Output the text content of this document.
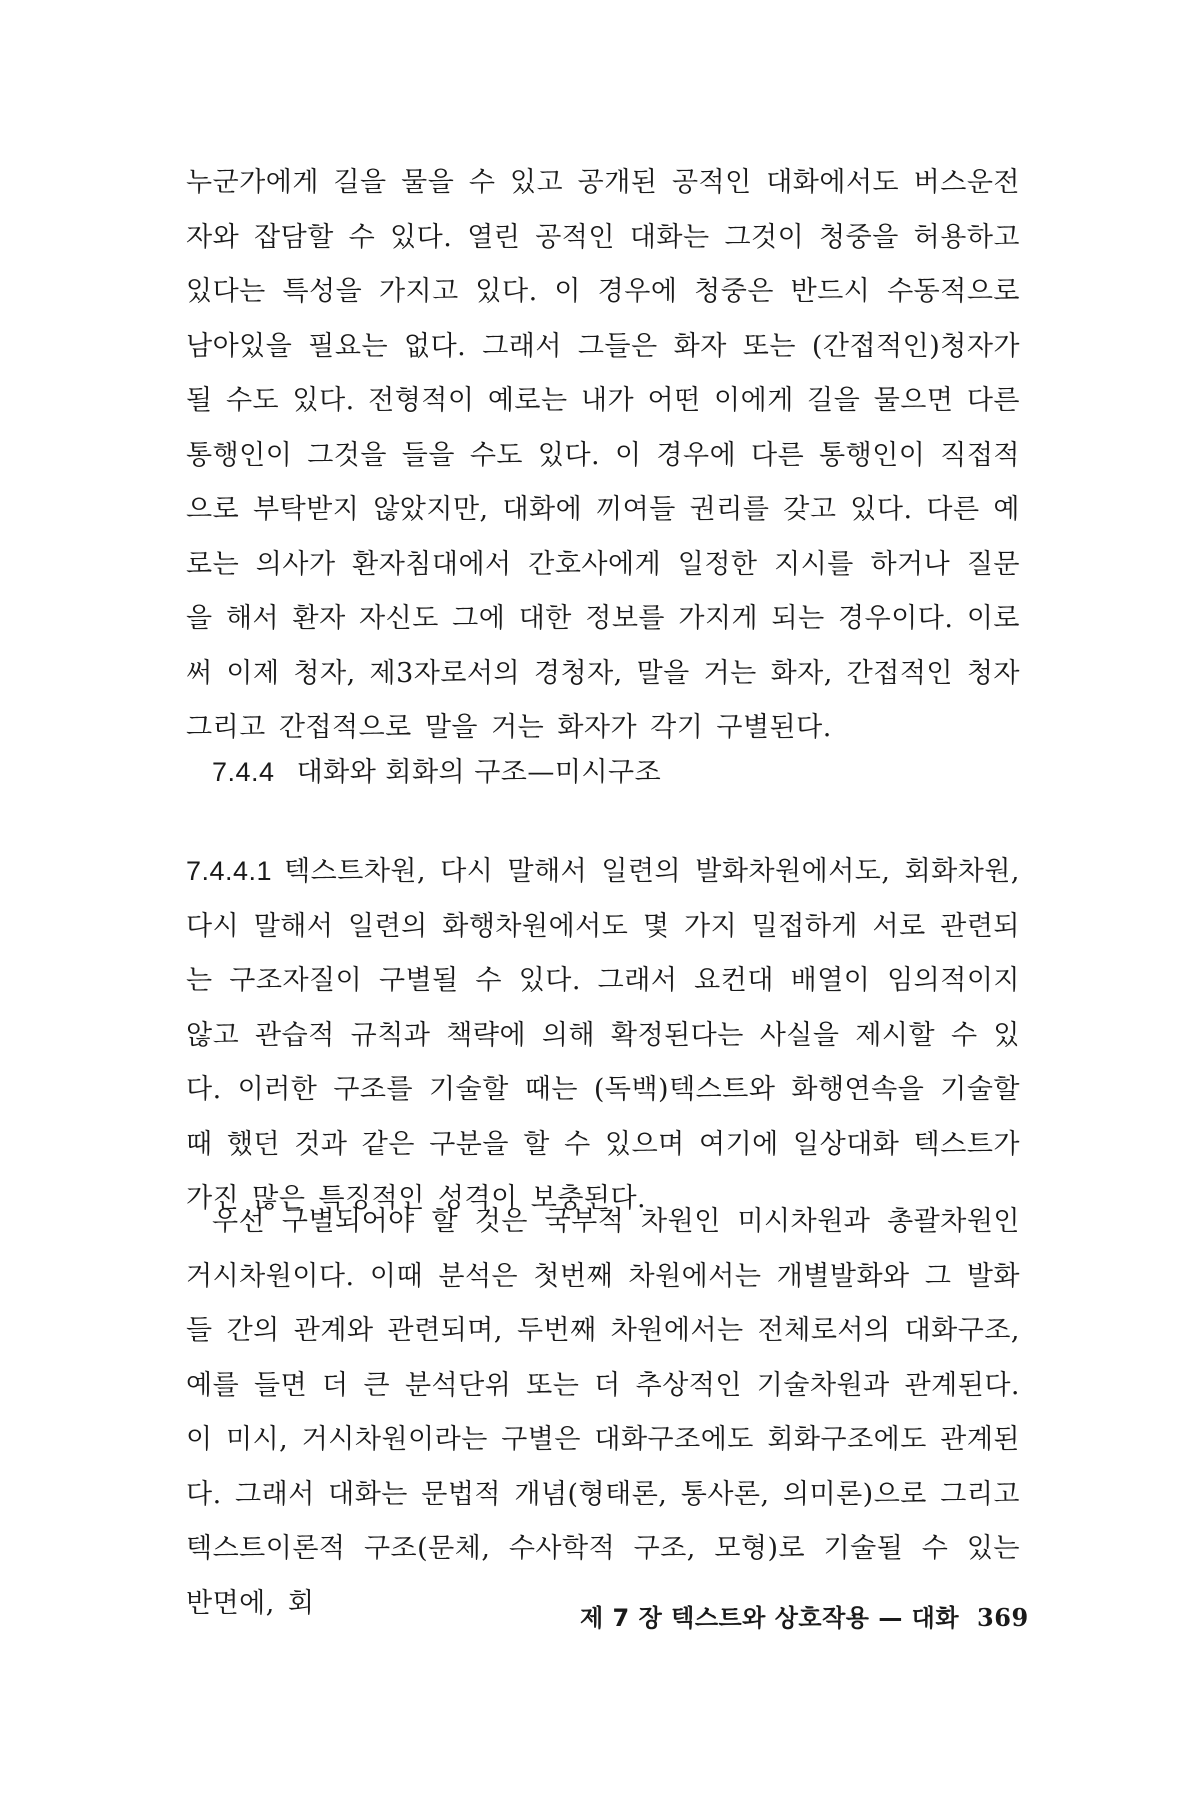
누군가에게 길을 물을 수 있고 공개된 공적인 대화에서도 버스운전자와 잡담할 수 있다. 열린 공적인 대화는 그것이 청중을 허용하고 있다는 특성을 가지고 있다. 이 경우에 청중은 반드시 수동적으로 남아있을 필요는 없다. 그래서 그들은 화자 또는 (간접적인)청자가 될 수도 있다. 전형적이 예로는 내가 어떤 이에게 길을 물으면 다른 통행인이 그것을 들을 수도 있다. 이 경우에 다른 통행인이 직접적으로 부탁받지 않았지만, 대화에 끼여들 권리를 갖고 있다. 다른 예로는 의사가 환자침대에서 간호사에게 일정한 지시를 하거나 질문을 해서 환자 자신도 그에 대한 정보를 가지게 되는 경우이다. 이로써 이제 청자, 제3자로서의 경청자, 말을 거는 화자, 간접적인 청자 그리고 간접적으로 말을 거는 화자가 각기 구별된다.
7.4.4 대화와 회화의 구조—미시구조
7.4.4.1 텍스트차원, 다시 말해서 일련의 발화차원에서도, 회화차원, 다시 말해서 일련의 화행차원에서도 몇 가지 밀접하게 서로 관련되는 구조자질이 구별될 수 있다. 그래서 요컨대 배열이 임의적이지 않고 관습적 규칙과 책략에 의해 확정된다는 사실을 제시할 수 있다. 이러한 구조를 기술할 때는 (독백)텍스트와 화행연속을 기술할 때 했던 것과 같은 구분을 할 수 있으며 여기에 일상대화 텍스트가 가진 많은 특징적인 성격이 보충된다.
우선 구별되어야 할 것은 국부적 차원인 미시차원과 총괄차원인 거시차원이다. 이때 분석은 첫번째 차원에서는 개별발화와 그 발화들 간의 관계와 관련되며, 두번째 차원에서는 전체로서의 대화구조, 예를 들면 더 큰 분석단위 또는 더 추상적인 기술차원과 관계된다. 이 미시, 거시차원이라는 구별은 대화구조에도 회화구조에도 관계된다. 그래서 대화는 문법적 개념(형태론, 통사론, 의미론)으로 그리고 텍스트이론적 구조(문체, 수사학적 구조, 모형)로 기술될 수 있는 반면에, 회	제 7 장 텍스트와 상호작용 — 대화 369
